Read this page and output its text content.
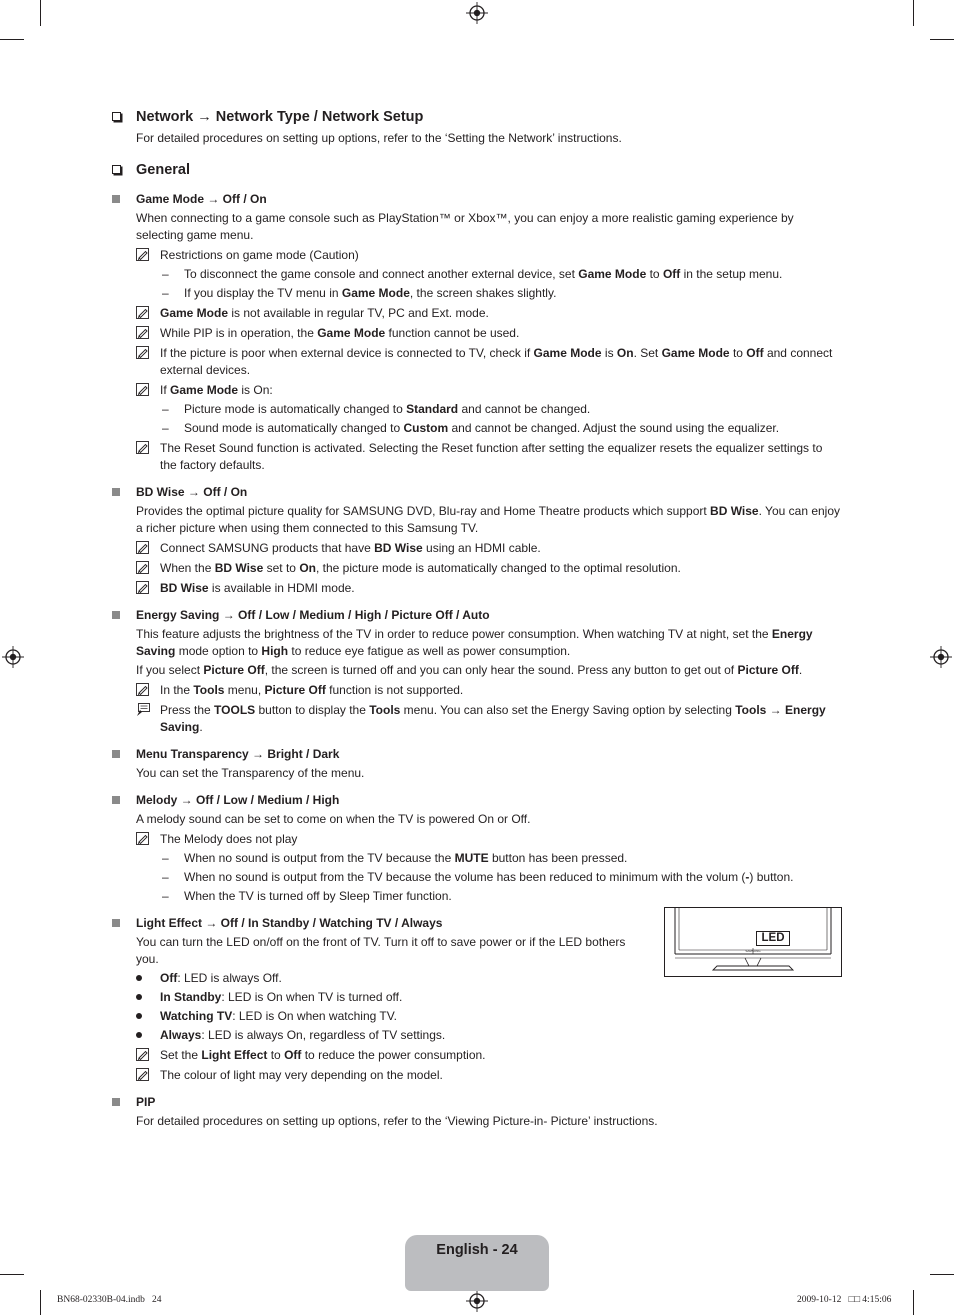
Network → Network Type / Network Setup
For detailed procedures on setting up options, refer to the ‘Setting the Network’ instructions.
General
Game Mode → Off / On
When connecting to a game console such as PlayStation™ or Xbox™, you can enjoy a more realistic gaming experience by selecting game menu.
Restrictions on game mode (Caution)
– To disconnect the game console and connect another external device, set Game Mode to Off in the setup menu.
– If you display the TV menu in Game Mode, the screen shakes slightly.
Game Mode is not available in regular TV, PC and Ext. mode.
While PIP is in operation, the Game Mode function cannot be used.
If the picture is poor when external device is connected to TV, check if Game Mode is On. Set Game Mode to Off and connect external devices.
If Game Mode is On:
– Picture mode is automatically changed to Standard and cannot be changed.
– Sound mode is automatically changed to Custom and cannot be changed. Adjust the sound using the equalizer.
The Reset Sound function is activated. Selecting the Reset function after setting the equalizer resets the equalizer settings to the factory defaults.
BD Wise → Off / On
Provides the optimal picture quality for SAMSUNG DVD, Blu-ray and Home Theatre products which support BD Wise. You can enjoy a richer picture when using them connected to this Samsung TV.
Connect SAMSUNG products that have BD Wise using an HDMI cable.
When the BD Wise set to On, the picture mode is automatically changed to the optimal resolution.
BD Wise is available in HDMI mode.
Energy Saving → Off / Low / Medium / High / Picture Off / Auto
This feature adjusts the brightness of the TV in order to reduce power consumption. When watching TV at night, set the Energy Saving mode option to High to reduce eye fatigue as well as power consumption.
If you select Picture Off, the screen is turned off and you can only hear the sound. Press any button to get out of Picture Off.
In the Tools menu, Picture Off function is not supported.
Press the TOOLS button to display the Tools menu. You can also set the Energy Saving option by selecting Tools → Energy Saving.
Menu Transparency → Bright / Dark
You can set the Transparency of the menu.
Melody → Off / Low / Medium / High
A melody sound can be set to come on when the TV is powered On or Off.
The Melody does not play
– When no sound is output from the TV because the MUTE button has been pressed.
– When no sound is output from the TV because the volume has been reduced to minimum with the volum (-) button.
– When the TV is turned off by Sleep Timer function.
Light Effect → Off / In Standby / Watching TV / Always
You can turn the LED on/off on the front of TV. Turn it off to save power or if the LED bothers you.
Off: LED is always Off.
In Standby: LED is On when TV is turned off.
Watching TV: LED is On when watching TV.
Always: LED is always On, regardless of TV settings.
Set the Light Effect to Off to reduce the power consumption.
The colour of light may very depending on the model.
PIP
For detailed procedures on setting up options, refer to the ‘Viewing Picture-in- Picture’ instructions.
LED
SAMSUNG
English - 24
BN68-02330B-04.indb   24	2009-10-12   □□ 4:15:06
